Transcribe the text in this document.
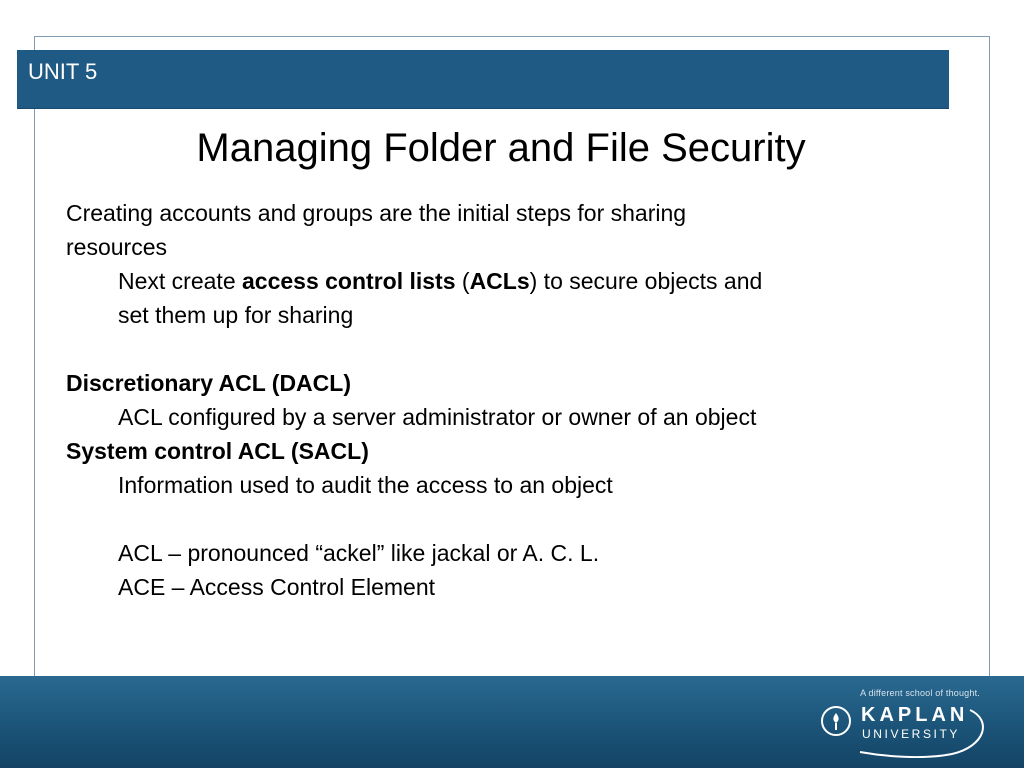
UNIT 5
Managing Folder and File Security
Creating accounts and groups are the initial steps for sharing
resources
Next create access control lists (ACLs) to secure objects and
set them up for sharing
Discretionary ACL (DACL)
ACL configured by a server administrator or owner of an object
System control ACL (SACL)
Information used to audit the access to an object
ACL – pronounced “ackel” like jackal or A. C. L.
ACE – Access Control Element
A different school of thought.
KAPLAN
UNIVERSITY
